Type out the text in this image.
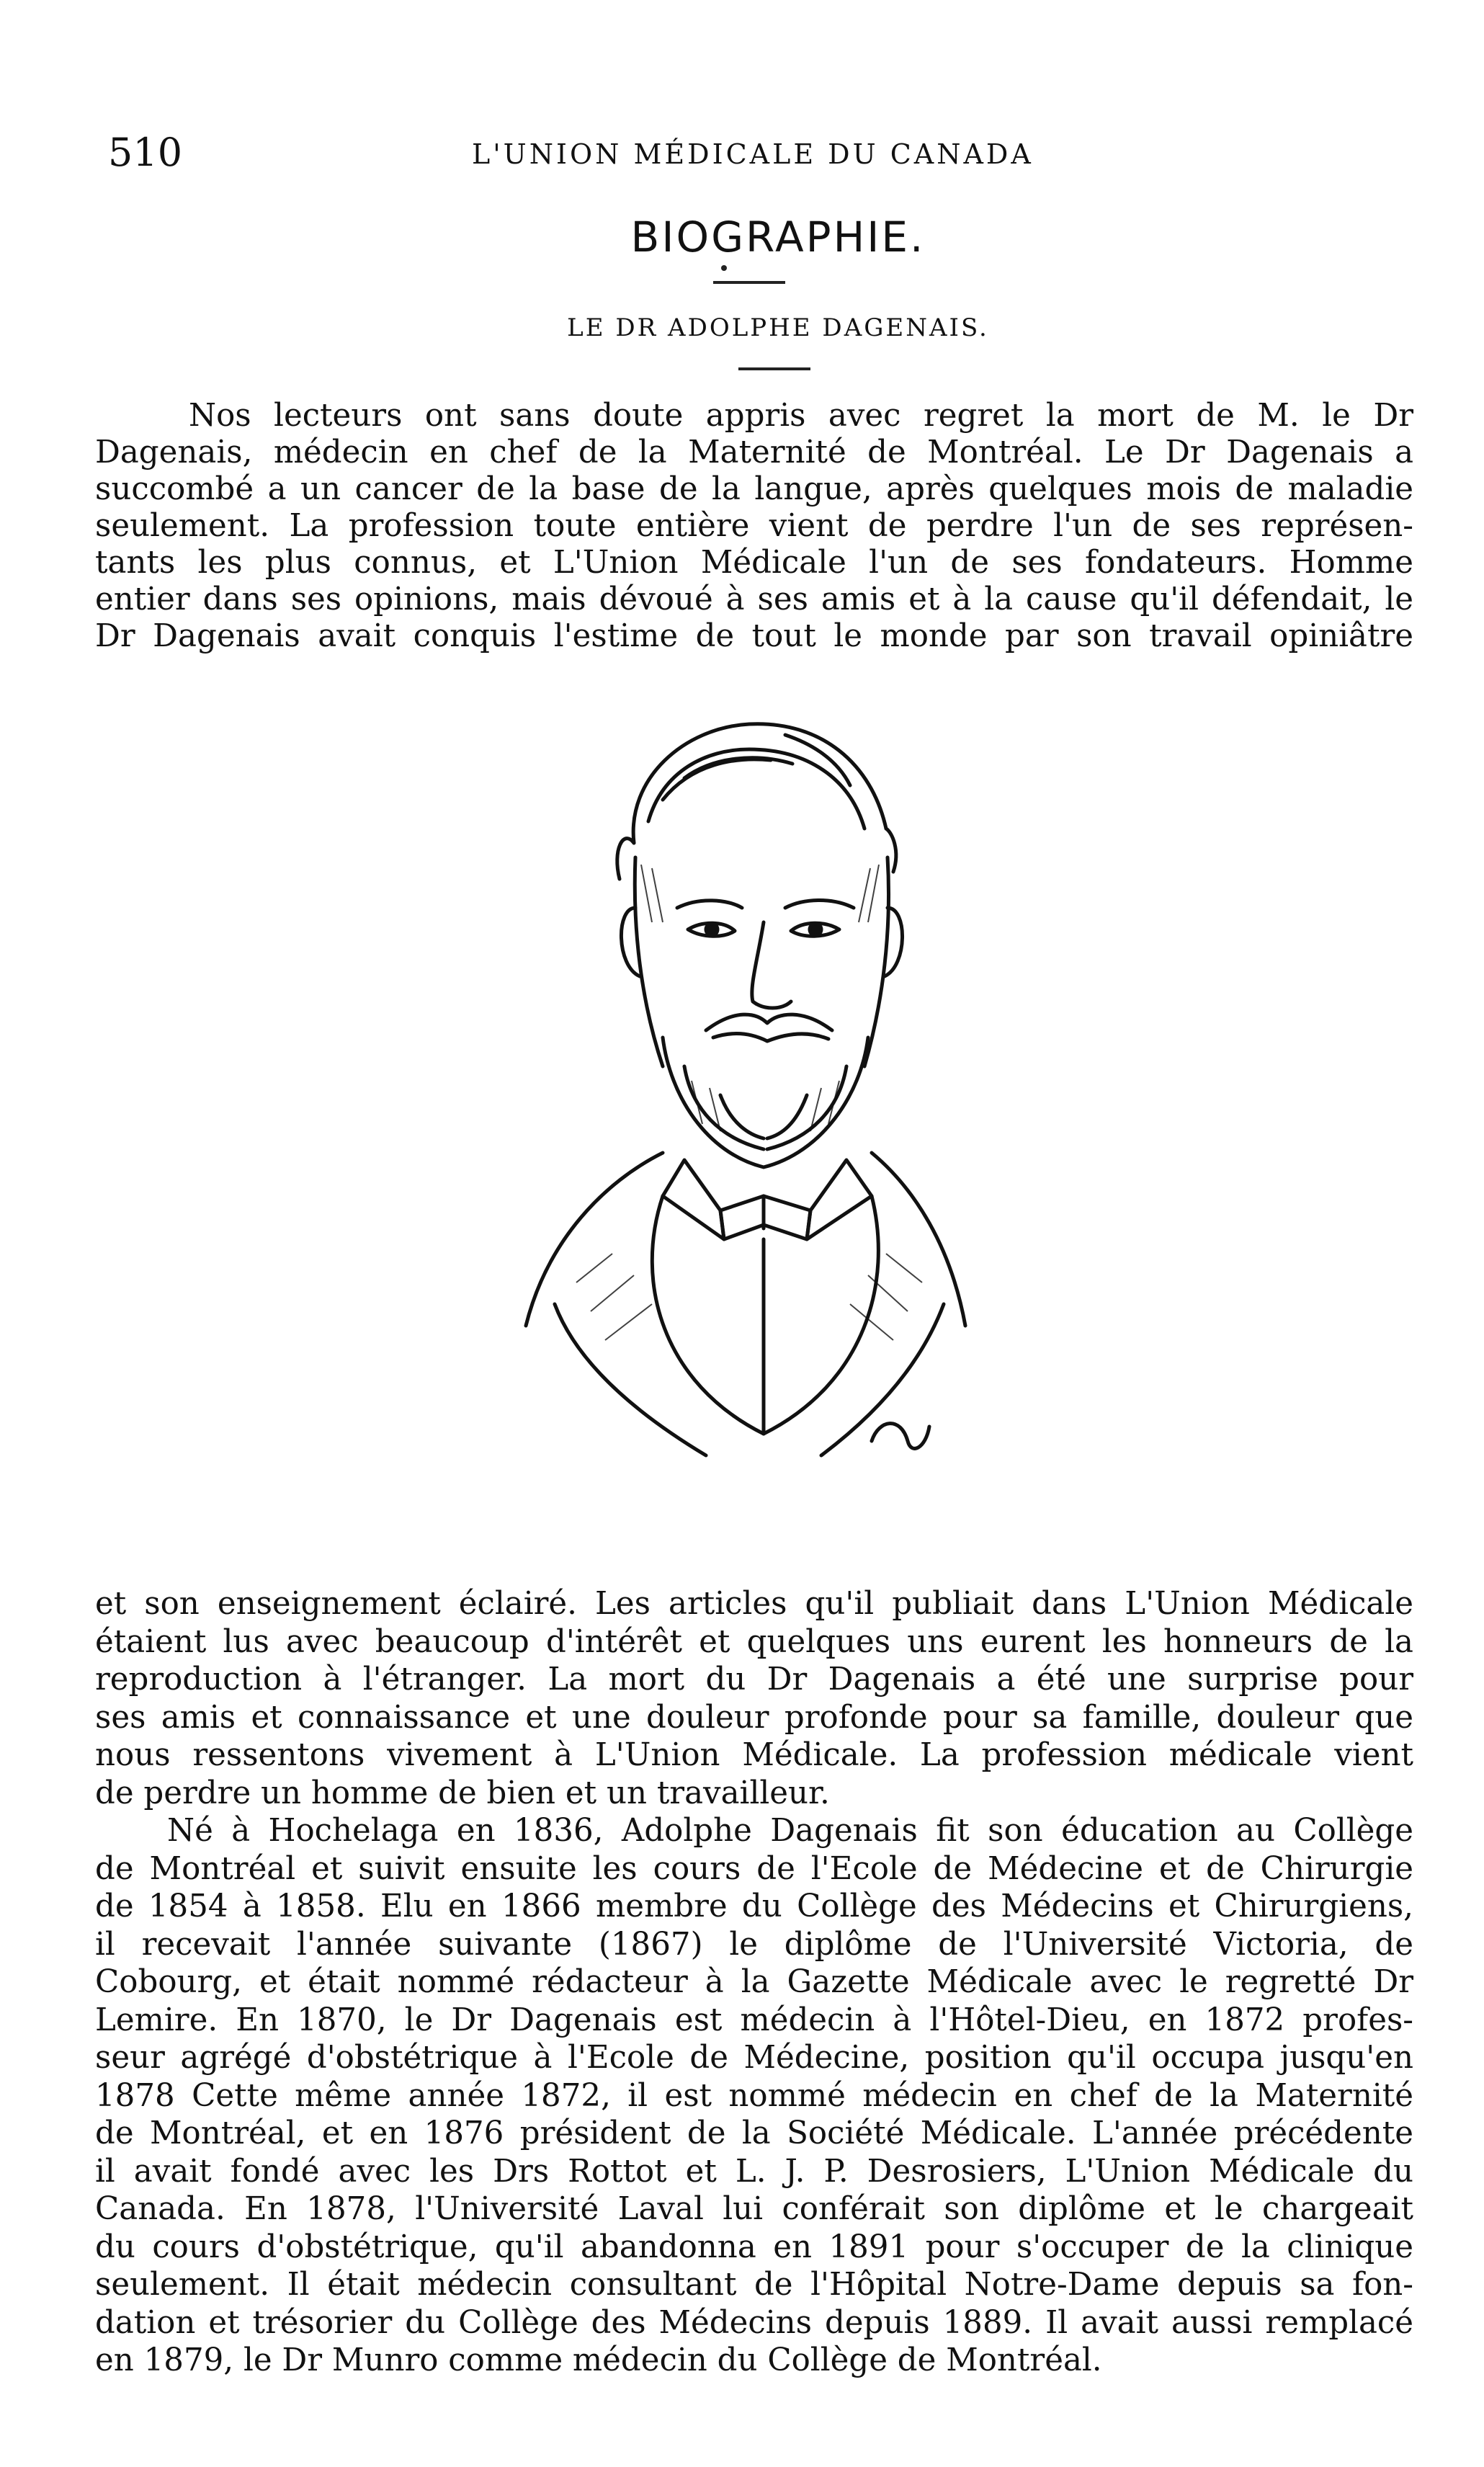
510	L'UNION MÉDICALE DU CANADA
BIOGRAPHIE.
LE DR ADOLPHE DAGENAIS.
Nos lecteurs ont sans doute appris avec regret la mort de M. le Dr
Dagenais, médecin en chef de la Maternité de Montréal. Le Dr Dagenais a
succombé a un cancer de la base de la langue, après quelques mois de maladie
seulement. La profession toute entière vient de perdre l'un de ses représen-
tants les plus connus, et L'Union Médicale l'un de ses fondateurs. Homme
entier dans ses opinions, mais dévoué à ses amis et à la cause qu'il défendait, le
Dr Dagenais avait conquis l'estime de tout le monde par son travail opiniâtre
et son enseignement éclairé. Les articles qu'il publiait dans L'Union Médicale
étaient lus avec beaucoup d'intérêt et quelques uns eurent les honneurs de la
reproduction à l'étranger. La mort du Dr Dagenais a été une surprise pour
ses amis et connaissance et une douleur profonde pour sa famille, douleur que
nous ressentons vivement à L'Union Médicale. La profession médicale vient
de perdre un homme de bien et un travailleur.
Né à Hochelaga en 1836, Adolphe Dagenais fit son éducation au Collège
de Montréal et suivit ensuite les cours de l'Ecole de Médecine et de Chirurgie
de 1854 à 1858. Elu en 1866 membre du Collège des Médecins et Chirurgiens,
il recevait l'année suivante (1867) le diplôme de l'Université Victoria, de
Cobourg, et était nommé rédacteur à la Gazette Médicale avec le regretté Dr
Lemire. En 1870, le Dr Dagenais est médecin à l'Hôtel-Dieu, en 1872 profes-
seur agrégé d'obstétrique à l'Ecole de Médecine, position qu'il occupa jusqu'en
1878 Cette même année 1872, il est nommé médecin en chef de la Maternité
de Montréal, et en 1876 président de la Société Médicale. L'année précédente
il avait fondé avec les Drs Rottot et L. J. P. Desrosiers, L'Union Médicale du
Canada. En 1878, l'Université Laval lui conférait son diplôme et le chargeait
du cours d'obstétrique, qu'il abandonna en 1891 pour s'occuper de la clinique
seulement. Il était médecin consultant de l'Hôpital Notre-Dame depuis sa fon-
dation et trésorier du Collège des Médecins depuis 1889. Il avait aussi remplacé
en 1879, le Dr Munro comme médecin du Collège de Montréal.
